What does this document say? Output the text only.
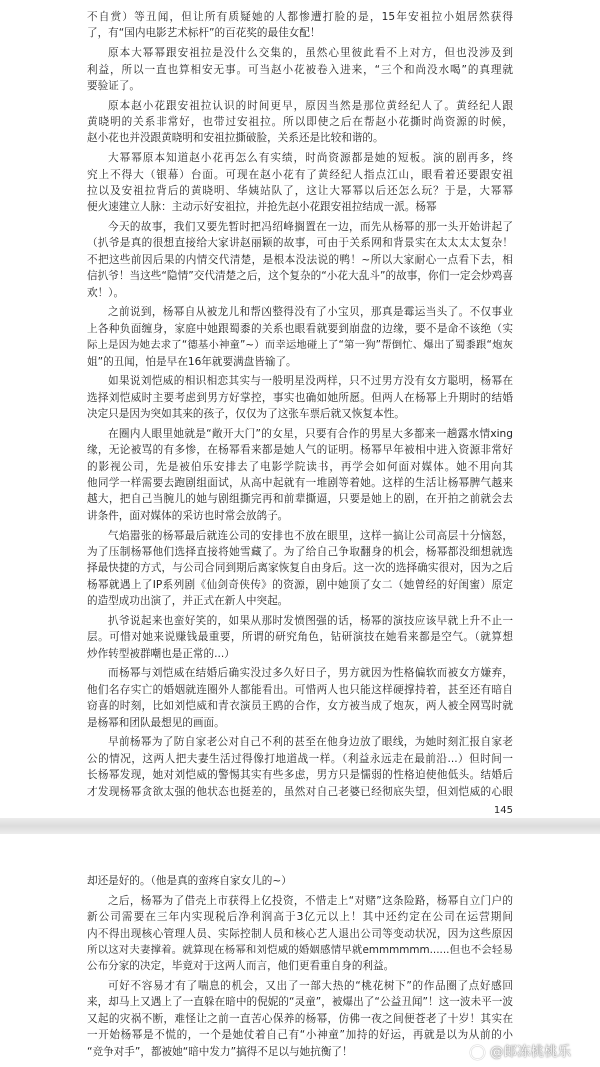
不自赏）等丑闻，但让所有质疑她的人都惨遭打脸的是，15年安祖拉小姐居然获得
了，有“国内电影艺术标杆”的百花奖的最佳女配！
原本大幂幂跟安祖拉是没什么交集的，虽然心里彼此看不上对方，但也没涉及到
利益，所以一直也算相安无事。可当赵小花被卷入进来，“三个和尚没水喝”的真理就
要验证了。
原本赵小花跟安祖拉认识的时间更早，原因当然是那位黄经纪人了。黄经纪人跟
黄晓明的关系非常好，也带过安祖拉。所以即使之后在帮赵小花撕时尚资源的时候，
赵小花也并没跟黄晓明和安祖拉撕破脸，关系还是比较和谐的。
大幂幂原本知道赵小花再怎么有实绩，时尚资源都是她的短板。演的剧再多，终
究上不得大（银幕）台面。可现在赵小花有了黄经纪人指点江山，眼看着还要跟安祖
拉以及安祖拉背后的黄晓明、华姨站队了，这让大幂幂以后还怎么玩？于是，大幂幂
便火速建立人脉：主动示好安祖拉，并抢先赵小花跟安祖拉结成一派。杨幂
今天的故事，我们又要先暂时把冯绍峰搁置在一边，而先从杨幂的那一头开始讲起了
（扒爷是真的很想直接给大家讲赵丽颖的故事，可由于关系网和背景实在太太太太复杂！
不把这些前因后果的内情交代清楚，是根本没法说的鸭！~所以大家耐心一点看下去，相
信扒爷！当这些“隐情”交代清楚之后，这个复杂的“小花大乱斗”的故事，你们一定会炒鸡喜
欢！）。
之前说到，杨幂自从被龙儿和帮凶整得没有了小宝贝，那真是霉运当头了。不仅事业
上各种负面缠身，家庭中她跟蜀黍的关系也眼看就要到崩盘的边缘，要不是命不该绝（实
际上是因为她去求了“德基小神童”~）而幸运地碰上了“第一狗”帮倒忙、爆出了蜀黍跟“炮灰
姐”的丑闻，怕是早在16年就要满盘皆输了。
如果说刘恺威的相识相恋其实与一般明星没两样，只不过男方没有女方聪明，杨幂在
选择刘恺威时主要考虑到男方好掌控，事实也确如她所愿。但两人在杨幂上升期时的结婚
决定只是因为突如其来的孩子，仅仅为了这张车票后就又恢复本性。
在圈内人眼里她就是“敞开大门”的女星，只要有合作的男星大多都来一趟露水情xing
缘，无论被骂的有多惨，在杨幂看来都是她人气的证明。杨幂早年被相中进入资源非常好
的影视公司，先是被伯乐安排去了电影学院读书，再学会如何面对媒体。她不用向其
他同学一样需要去跑剧组面试，从高中起就有一堆剧等着她。这样的生活让杨幂脾气越来
越大，把自己当腕儿的她与剧组撕完再和前辈撕逼，只要是她上的剧，在开拍之前就会去
讲条件，面对媒体的采访也时常会放鸽子。
气焰嚣张的杨幂最后就连公司的安排也不放在眼里，这样一搞让公司高层十分恼怒，
为了压制杨幂他们选择直接将她雪藏了。为了给自己争取翻身的机会，杨幂都没细想就选
择最快捷的方式，与公司合同到期后离家恢复自由身后。这一次的选择确实很对，因为之后
杨幂就遇上了IP系列剧《仙剑奇侠传》的资源，剧中她顶了女二（她曾经的好闺蜜）原定
的造型成功出演了，并正式在新人中突起。
扒爷说起来也蛮好笑的，如果从那时发愤图强的话，杨幂的演技应该早就上升不止一
层。可惜对她来说赚钱最重要，所谓的研究角色，钻研演技在她看来都是空气。（就算想
炒作转型被群嘲也是正常的...）
而杨幂与刘恺威在结婚后确实没过多久好日子，男方就因为性格偏软而被女方嫌弃，
他们名存实亡的婚姻就连圈外人都能看出。可惜两人也只能这样硬撑持着，甚至还有暗自
窃喜的时刻，比如刘恺威和青衣演员王鸥的合作，女方被当成了炮灰，两人被全网骂时就
是杨幂和团队最想见的画面。
早前杨幂为了防自家老公对自己不利的甚至在他身边放了眼线，为她时刻汇报自家老
公的情况，这两人把夫妻生活过得像打地道战一样。（利益永远走在最前沿...）但时间一
长杨幂发现，她对刘恺威的警惕其实有些多虑，男方只是懦弱的性格迫使他低头。结婚后
才发现杨幂贪欲太强的他状态也挺差的，虽然对自己老婆已经彻底失望，但刘恺威的心眼
145
却还是好的。（他是真的蛮疼自家女儿的~）
之后，杨幂为了借壳上市获得上亿投资，不惜走上“对赌”这条险路，杨幂自立门户的
新公司需要在三年内实现税后净利润高于3亿元以上！其中还约定在公司在运营期间
内不得出现核心管理人员、实际控制人员和核心艺人退出公司等变动状况，因为这些原因
所以这对夫妻撑着。就算现在杨幂和刘恺威的婚姻感情早就emmmmmm......但也不会轻易
公布分家的决定，毕竟对于这两人而言，他们更看重自身的利益。
可好不容易才有了喘息的机会，又出了一部大热的“桃花树下”的作品圈了点好感回
来，却马上又遇上了一直躲在暗中的倪妮的“灵童”，被爆出了“公益丑闻”！这一波未平一波
又起的灾祸不断，难怪让之前一直苦心保养的杨幂，仿佛一夜之间便苍老了十岁！其实在
一开始杨幂是不慌的，一个是她仗着自己有“小神童”加持的好运，再就是以为从前的小
“竞争对手”，都被她“暗中发力”搞得不足以与她抗衡了！	@郎冻桃桃乐
